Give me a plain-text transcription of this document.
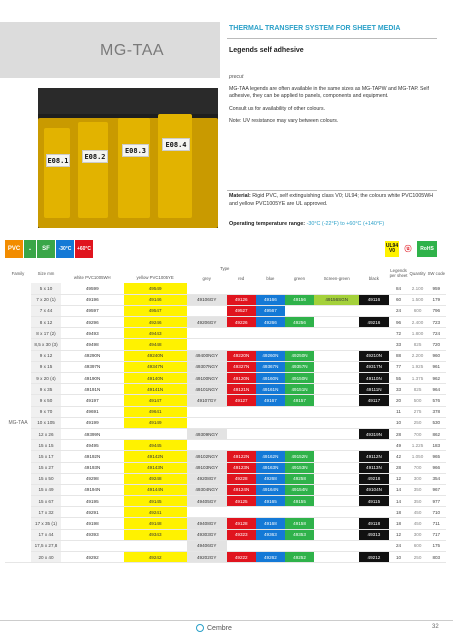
MG-TAA
THERMAL TRANSFER SYSTEM FOR SHEET MEDIA
E08.1	E08.2
E08.3
E08.4
Legends self adhesive
precut

MG-TAA legends are often available in the same sizes as MG-TAPW and MG-TAP. Self adhesive, they can be applied to panels, components and equipment.

Consult us for availability of other colours.

Note: UV resistance may vary between colours.

Material: Rigid PVC, self extinguishing class V0; UL94; the colours white PVC1005WH and yellow PVC1005YE are UL approved.
Operating temperature range: -30°C (-22°F) to +60°C (+140°F)
PVC	▲	SF	-30°C	+60°C	UL94
V0	ⓤ	RoHS
Family	Size mm	Type								Legends per sheet	Quantity	SW code
		white PVC1005WH	yellow PVC1005YE	grey	red	blue	green	Screen-green	black			
MG-TAA	5 x 10	49599	49549							84	2.100	959
	7 x 20 (1)	49196	49146	49106GY	49126	49166	49156	49156SGN	49116	60	1.500	179
	7 x 44	49597	49547		49527	49567				24	600	796
	8 x 12	49296	49246	49206GY	49226	49266	49256		49216	96	2.400	723
	8 x 17 (2)	49493	49443							72	1.800	724
	8,5 x 30 (3)	49498	49448							33	825	720
	9 x 12	49290N	49240N	49400NGY	49220N	49260N	49250N		49210N	88	2.200	960
	9 x 15	49397N	49347N	49307NGY	49327N	49367N	49357N		49317N	77	1.925	961
	9 x 20 (4)	49190N	49140N	49100NGY	49120N	49160N	49150N		49110N	55	1.375	962
	9 x 35	49191N	49141N	49101NGY	49121N	49161N	49151N		49111N	33	825	964
	9 x 50	49197	49147	49107GY	49127	49167	49157		49117	20	500	576
	9 x 70	49691	49641							11	275	378
	10 x 105	49199	49149							10	250	530
	12 x 26	49399N		49309NGY					49319N	28	700	862
	15 x 15	49495	49445							49	1.225	183
	15 x 17	49192N	49142N	49102NGY	49122N	49162N	49152N		49112N	42	1.050	965
	15 x 27	49193N	49143N	49103NGY	49123N	49163N	49153N		49113N	28	700	966
	15 x 50	49298	49248	49208GY	49228	49268	49258		49218	12	300	354
	15 x 49	49194N	49144N	49304NGY	49124N	49164N	49154N		49104N	14	350	967
	15 x 67	49195	49145	49405GY	49125	49165	49155		49115	14	350	977
	17 x 32	49291	49241							18	450	710
	17 x 35 (1)	49198	49148	49408GY	49128	49168	49158		49118	18	450	711
	17 x 44	49393	49343	49303GY	49323	49363	49353		49313	12	300	717
	17,5 x 27,8			49406GY						24	600	175
	20 x 40	49292	49242	49202GY	49222	49262	49252		49212	10	250	803
Cembre	32
